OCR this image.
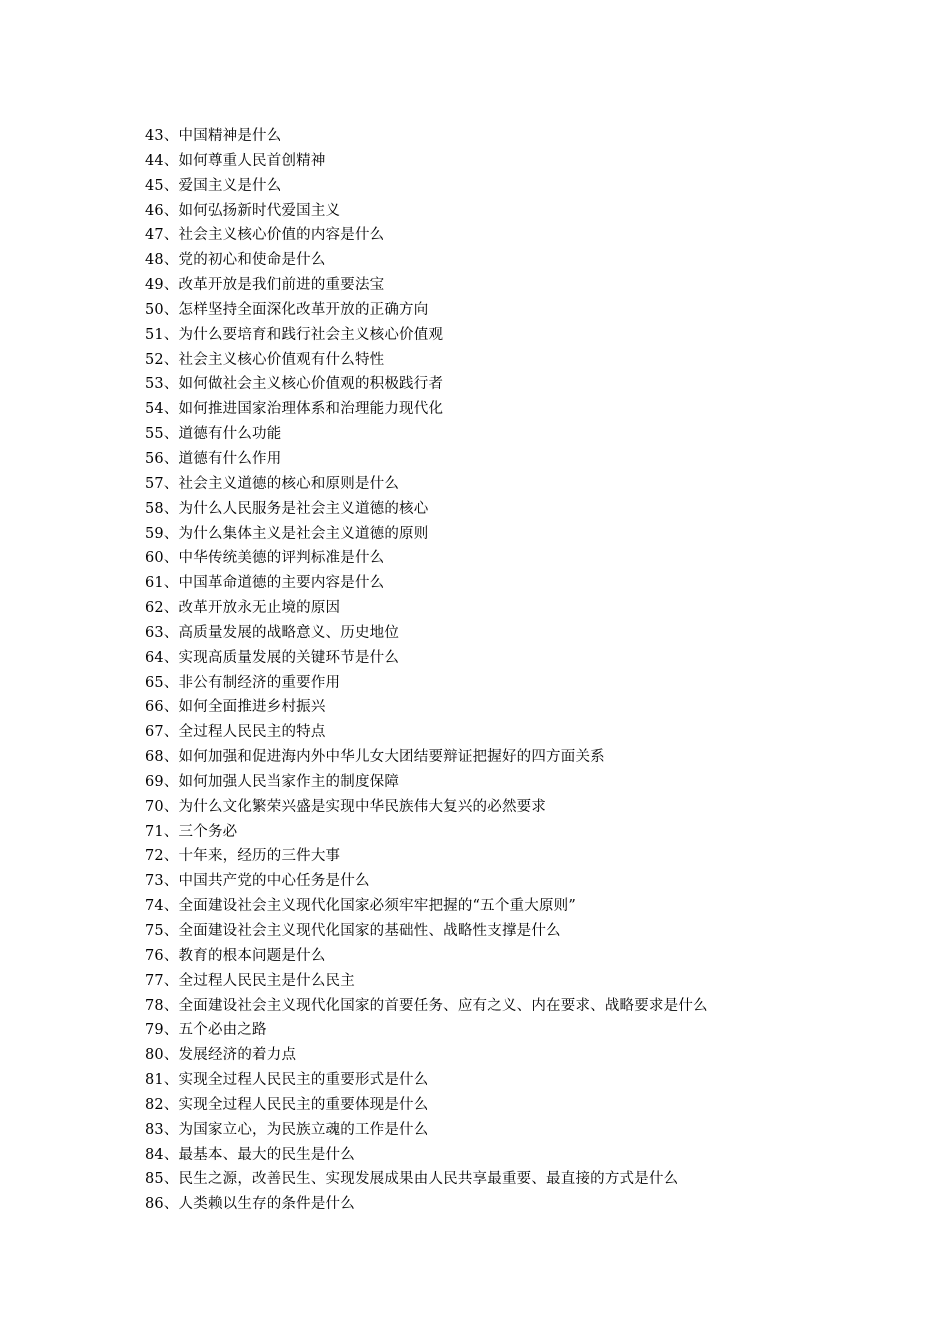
43、中国精神是什么
44、如何尊重人民首创精神
45、爱国主义是什么
46、如何弘扬新时代爱国主义
47、社会主义核心价值的内容是什么
48、党的初心和使命是什么
49、改革开放是我们前进的重要法宝
50、怎样坚持全面深化改革开放的正确方向
51、为什么要培育和践行社会主义核心价值观
52、社会主义核心价值观有什么特性
53、如何做社会主义核心价值观的积极践行者
54、如何推进国家治理体系和治理能力现代化
55、道德有什么功能
56、道德有什么作用
57、社会主义道德的核心和原则是什么
58、为什么人民服务是社会主义道德的核心
59、为什么集体主义是社会主义道德的原则
60、中华传统美德的评判标准是什么
61、中国革命道德的主要内容是什么
62、改革开放永无止境的原因
63、高质量发展的战略意义、历史地位
64、实现高质量发展的关键环节是什么
65、非公有制经济的重要作用
66、如何全面推进乡村振兴
67、全过程人民民主的特点
68、如何加强和促进海内外中华儿女大团结要辩证把握好的四方面关系
69、如何加强人民当家作主的制度保障
70、为什么文化繁荣兴盛是实现中华民族伟大复兴的必然要求
71、三个务必
72、十年来，经历的三件大事
73、中国共产党的中心任务是什么
74、全面建设社会主义现代化国家必须牢牢把握的“五个重大原则”
75、全面建设社会主义现代化国家的基础性、战略性支撑是什么
76、教育的根本问题是什么
77、全过程人民民主是什么民主
78、全面建设社会主义现代化国家的首要任务、应有之义、内在要求、战略要求是什么
79、五个必由之路
80、发展经济的着力点
81、实现全过程人民民主的重要形式是什么
82、实现全过程人民民主的重要体现是什么
83、为国家立心，为民族立魂的工作是什么
84、最基本、最大的民生是什么
85、民生之源，改善民生、实现发展成果由人民共享最重要、最直接的方式是什么
86、人类赖以生存的条件是什么
